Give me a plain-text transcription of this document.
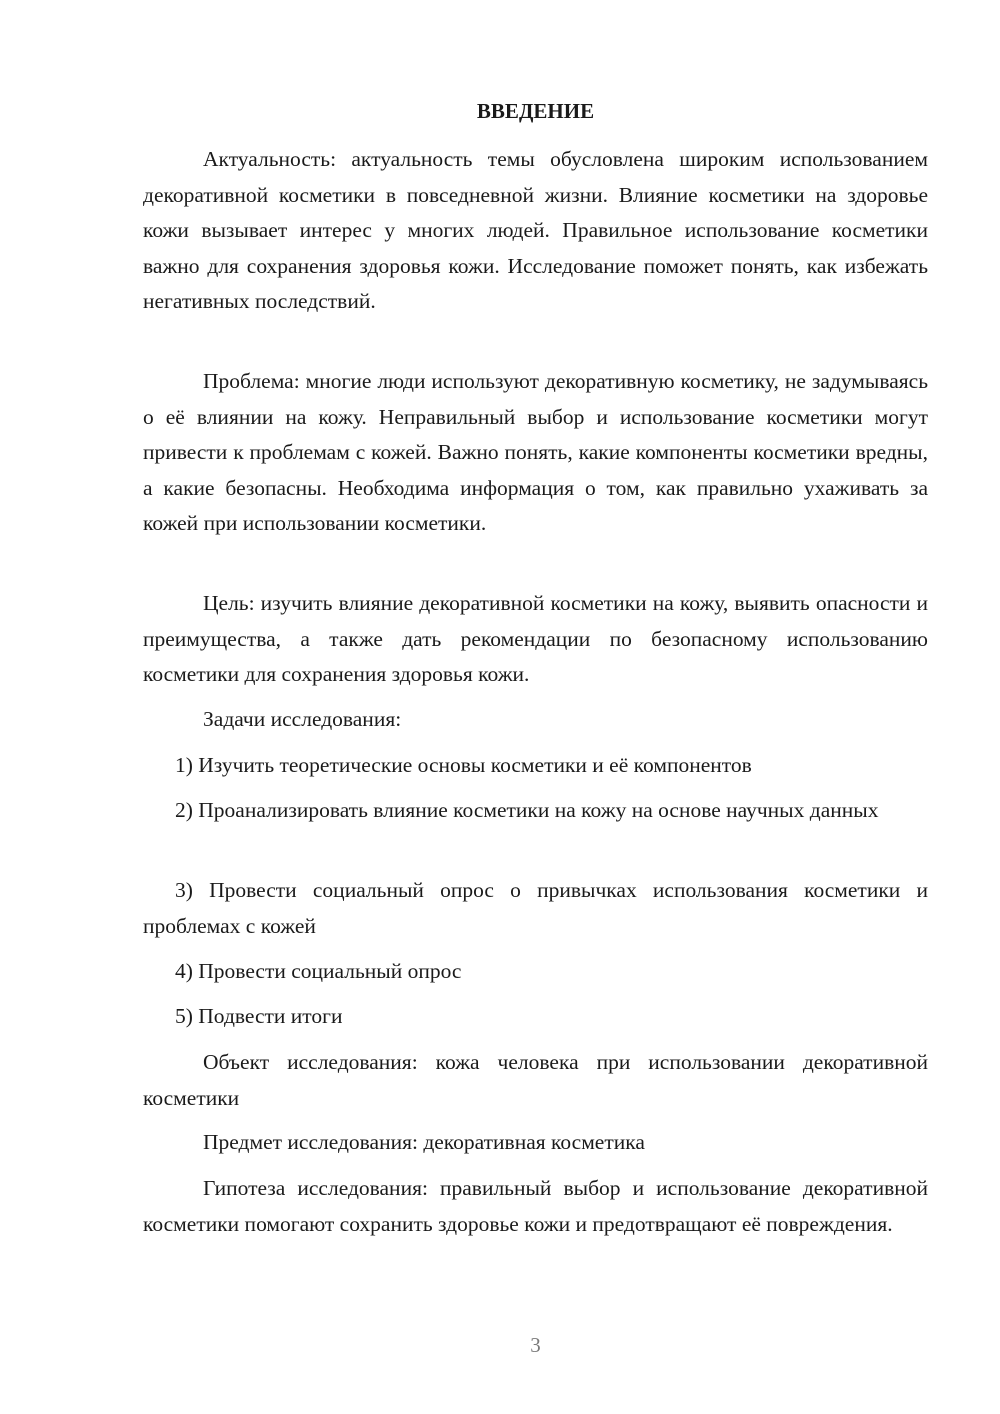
ВВЕДЕНИЕ

Актуальность: актуальность темы обусловлена широким использованием декоративной косметики в повседневной жизни. Влияние косметики на здоровье кожи вызывает интерес у многих людей. Правильное использование косметики важно для сохранения здоровья кожи. Исследование поможет понять, как избежать негативных последствий.

Проблема: многие люди используют декоративную косметику, не задумываясь о её влиянии на кожу. Неправильный выбор и использование косметики могут привести к проблемам с кожей. Важно понять, какие компоненты косметики вредны, а какие безопасны. Необходима информация о том, как правильно ухаживать за кожей при использовании косметики.

Цель: изучить влияние декоративной косметики на кожу, выявить опасности и преимущества, а также дать рекомендации по безопасному использованию косметики для сохранения здоровья кожи.

Задачи исследования:

1) Изучить теоретические основы косметики и её компонентов

2) Проанализировать влияние косметики на кожу на основе научных данных

3) Провести социальный опрос о привычках использования косметики и проблемах с кожей

4) Провести социальный опрос

5) Подвести итоги

Объект исследования: кожа человека при использовании декоративной косметики

Предмет исследования: декоративная косметика

Гипотеза исследования: правильный выбор и использование декоративной косметики помогают сохранить здоровье кожи и предотвращают её повреждения.

3
